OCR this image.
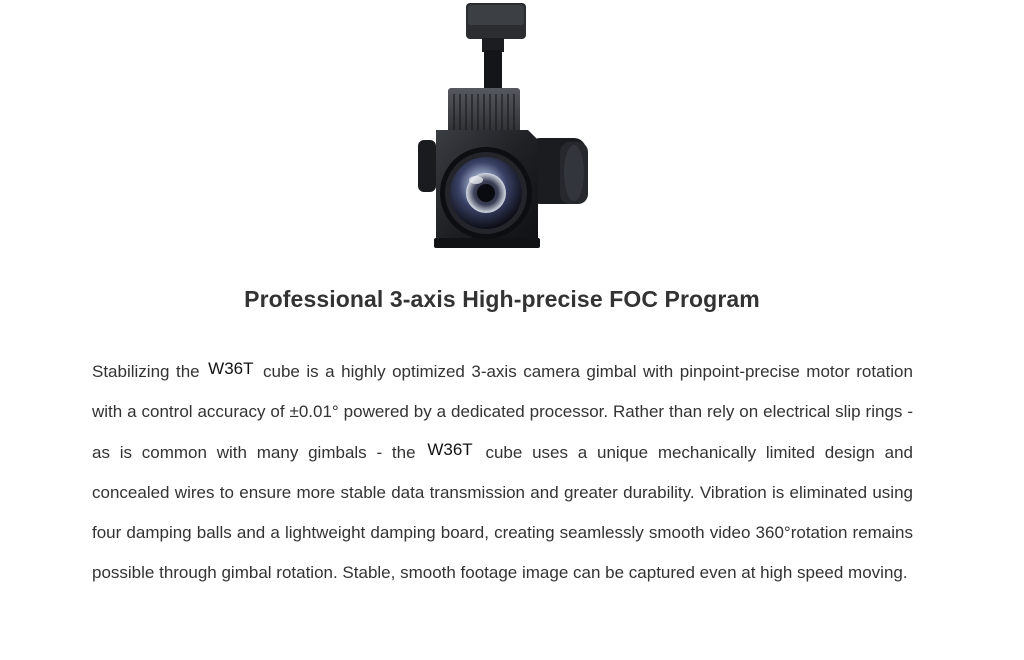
Professional 3-axis High-precise FOC Program

Stabilizing the W36T cube is a highly optimized 3-axis camera gimbal with pinpoint-precise motor rotation with a control accuracy of ±0.01° powered by a dedicated processor. Rather than rely on electrical slip rings - as is common with many gimbals - the W36T cube uses a unique mechanically limited design and concealed wires to ensure more stable data transmission and greater durability. Vibration is eliminated using four damping balls and a lightweight damping board, creating seamlessly smooth video 360°rotation remains possible through gimbal rotation. Stable, smooth footage image can be captured even at high speed moving.
